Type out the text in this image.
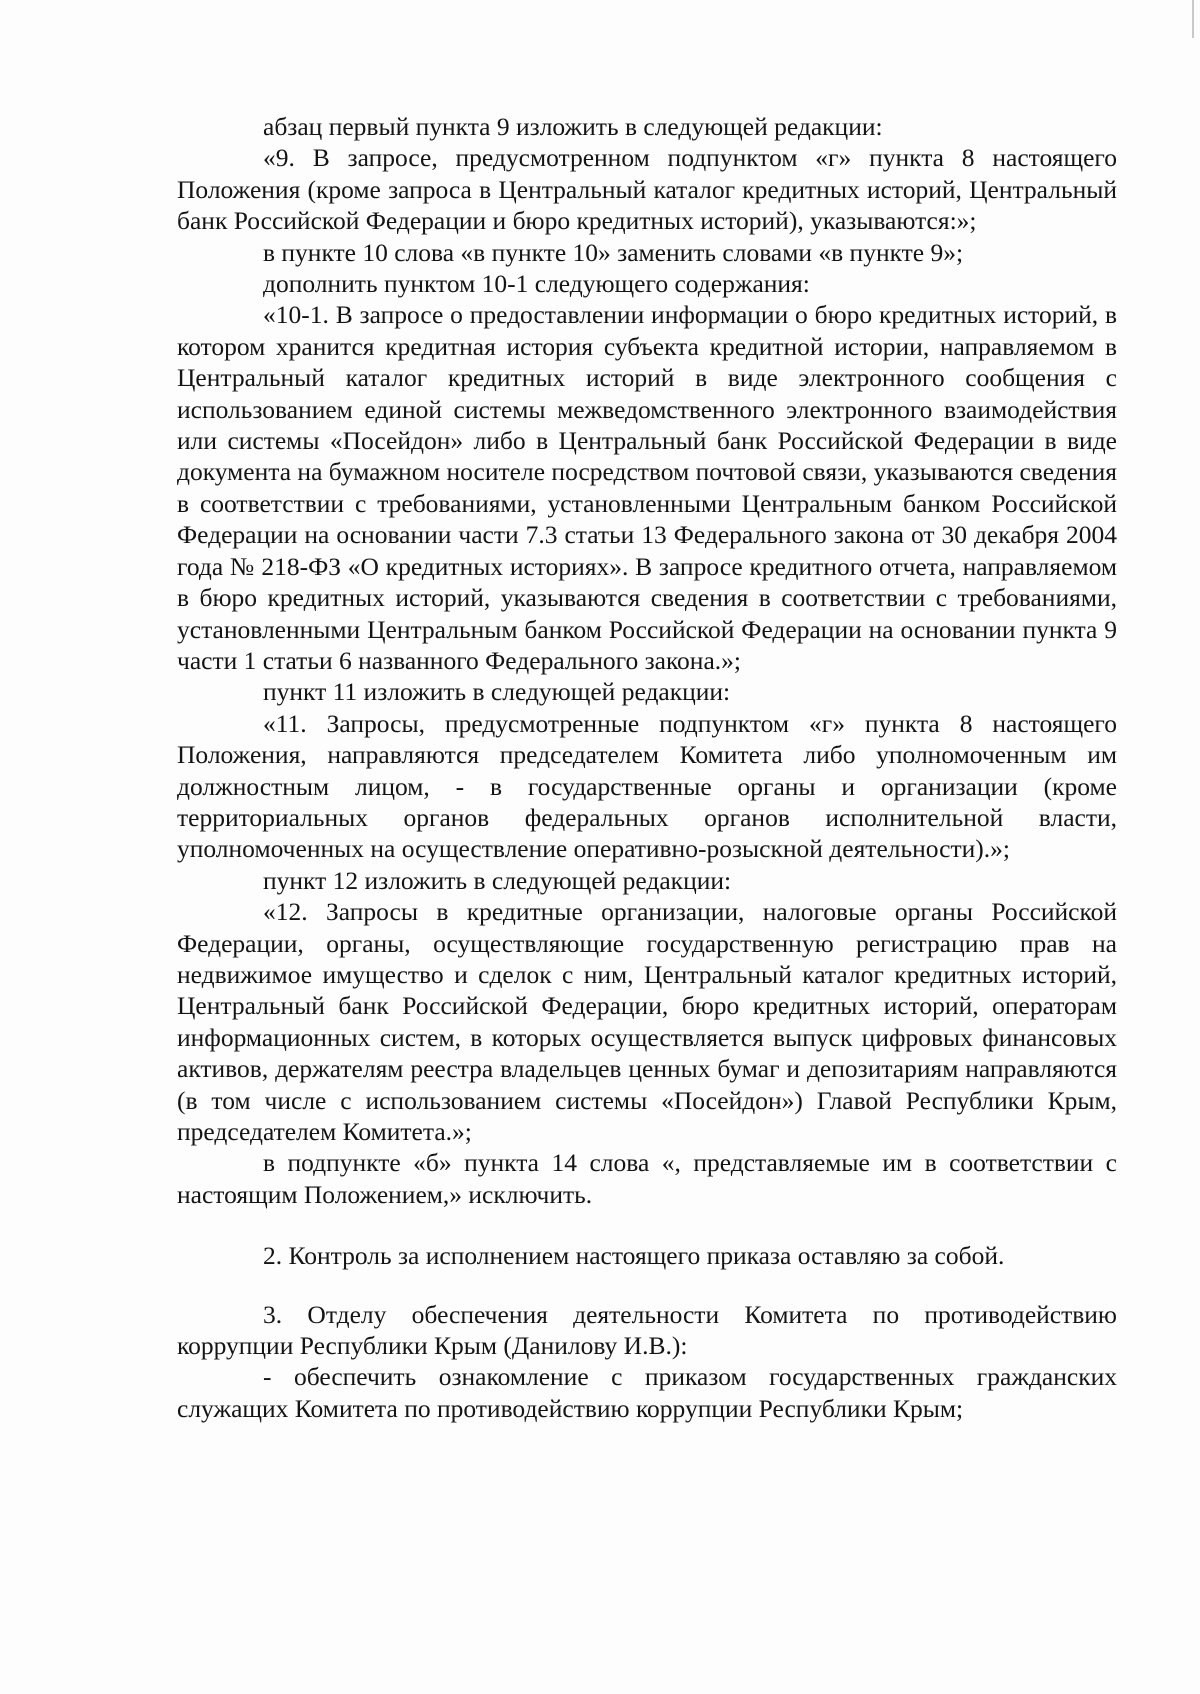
абзац первый пункта 9 изложить в следующей редакции:

«9. В запросе, предусмотренном подпунктом «г» пункта 8 настоящего Положения (кроме запроса в Центральный каталог кредитных историй, Центральный банк Российской Федерации и бюро кредитных историй), указываются:»;

в пункте 10 слова «в пункте 10» заменить словами «в пункте 9»;

дополнить пунктом 10-1 следующего содержания:

«10-1. В запросе о предоставлении информации о бюро кредитных историй, в котором хранится кредитная история субъекта кредитной истории, направляемом в Центральный каталог кредитных историй в виде электронного сообщения с использованием единой системы межведомственного электронного взаимодействия или системы «Посейдон» либо в Центральный банк Российской Федерации в виде документа на бумажном носителе посредством почтовой связи, указываются сведения в соответствии с требованиями, установленными Центральным банком Российской Федерации на основании части 7.3 статьи 13 Федерального закона от 30 декабря 2004 года № 218-ФЗ «О кредитных историях». В запросе кредитного отчета, направляемом в бюро кредитных историй, указываются сведения в соответствии с требованиями, установленными Центральным банком Российской Федерации на основании пункта 9 части 1 статьи 6 названного Федерального закона.»;

пункт 11 изложить в следующей редакции:

«11. Запросы, предусмотренные подпунктом «г» пункта 8 настоящего Положения, направляются председателем Комитета либо уполномоченным им должностным лицом, - в государственные органы и организации (кроме территориальных органов федеральных органов исполнительной власти, уполномоченных на осуществление оперативно-розыскной деятельности).»;

пункт 12 изложить в следующей редакции:

«12. Запросы в кредитные организации, налоговые органы Российской Федерации, органы, осуществляющие государственную регистрацию прав на недвижимое имущество и сделок с ним, Центральный каталог кредитных историй, Центральный банк Российской Федерации, бюро кредитных историй, операторам информационных систем, в которых осуществляется выпуск цифровых финансовых активов, держателям реестра владельцев ценных бумаг и депозитариям направляются (в том числе с использованием системы «Посейдон») Главой Республики Крым, председателем Комитета.»;

в подпункте «б» пункта 14 слова «, представляемые им в соответствии с настоящим Положением,» исключить.

2. Контроль за исполнением настоящего приказа оставляю за собой.

3. Отделу обеспечения деятельности Комитета по противодействию коррупции Республики Крым (Данилову И.В.):

- обеспечить ознакомление с приказом государственных гражданских служащих Комитета по противодействию коррупции Республики Крым;
